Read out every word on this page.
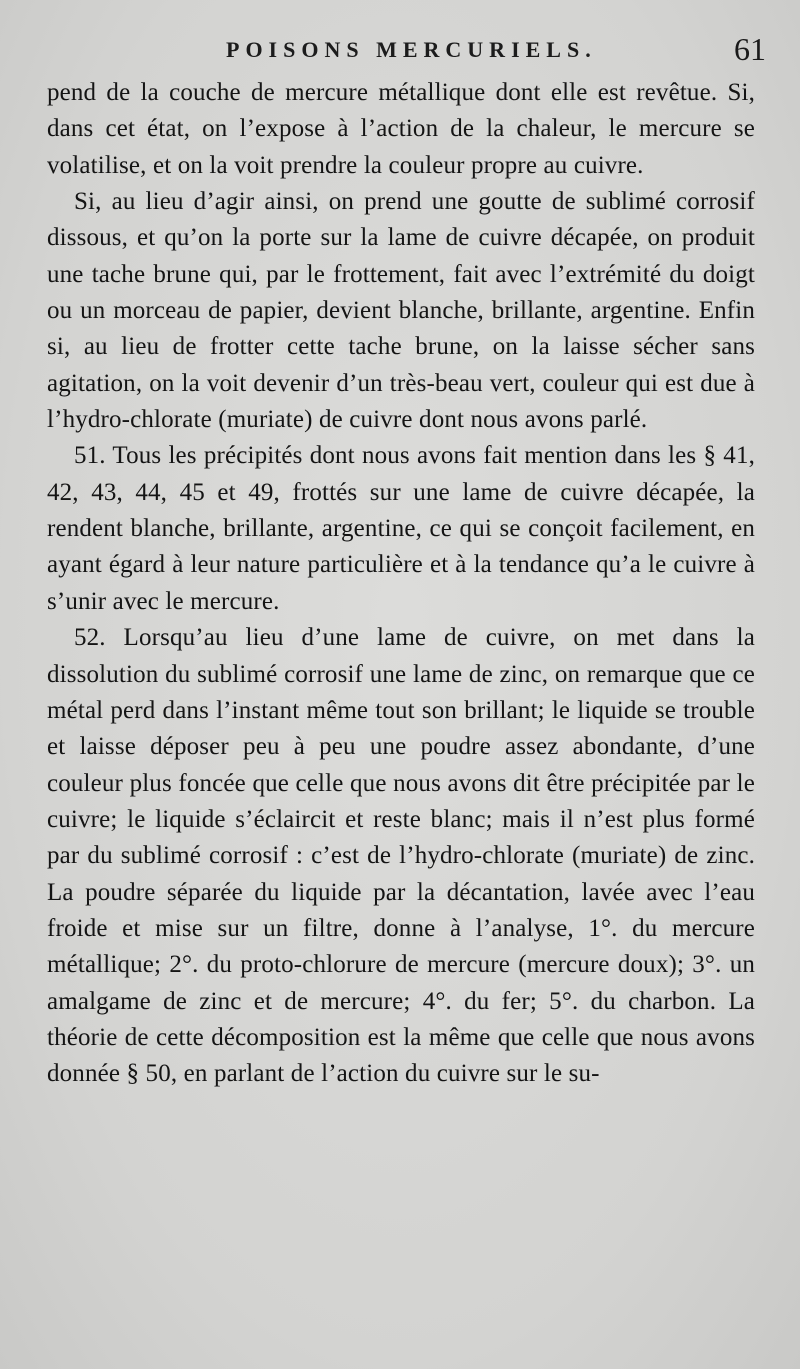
POISONS MERCURIELS.	61

pend de la couche de mercure métallique dont elle est revêtue. Si, dans cet état, on l’expose à l’action de la chaleur, le mercure se volatilise, et on la voit prendre la couleur propre au cuivre.

Si, au lieu d’agir ainsi, on prend une goutte de sublimé corrosif dissous, et qu’on la porte sur la lame de cuivre décapée, on produit une tache brune qui, par le frottement, fait avec l’extrémité du doigt ou un morceau de papier, devient blanche, brillante, argentine. Enfin si, au lieu de frotter cette tache brune, on la laisse sécher sans agitation, on la voit devenir d’un très-beau vert, couleur qui est due à l’hydro-chlorate (muriate) de cuivre dont nous avons parlé.

51. Tous les précipités dont nous avons fait mention dans les § 41, 42, 43, 44, 45 et 49, frottés sur une lame de cuivre décapée, la rendent blanche, brillante, argentine, ce qui se conçoit facilement, en ayant égard à leur nature particulière et à la tendance qu’a le cuivre à s’unir avec le mercure.

52. Lorsqu’au lieu d’une lame de cuivre, on met dans la dissolution du sublimé corrosif une lame de zinc, on remarque que ce métal perd dans l’instant même tout son brillant; le liquide se trouble et laisse déposer peu à peu une poudre assez abondante, d’une couleur plus foncée que celle que nous avons dit être précipitée par le cuivre; le liquide s’éclaircit et reste blanc; mais il n’est plus formé par du sublimé corrosif : c’est de l’hydro-chlorate (muriate) de zinc. La poudre séparée du liquide par la décantation, lavée avec l’eau froide et mise sur un filtre, donne à l’analyse, 1°. du mercure métallique; 2°. du proto-chlorure de mercure (mercure doux); 3°. un amalgame de zinc et de mercure; 4°. du fer; 5°. du charbon. La théorie de cette décomposition est la même que celle que nous avons donnée § 50, en parlant de l’action du cuivre sur le su-
